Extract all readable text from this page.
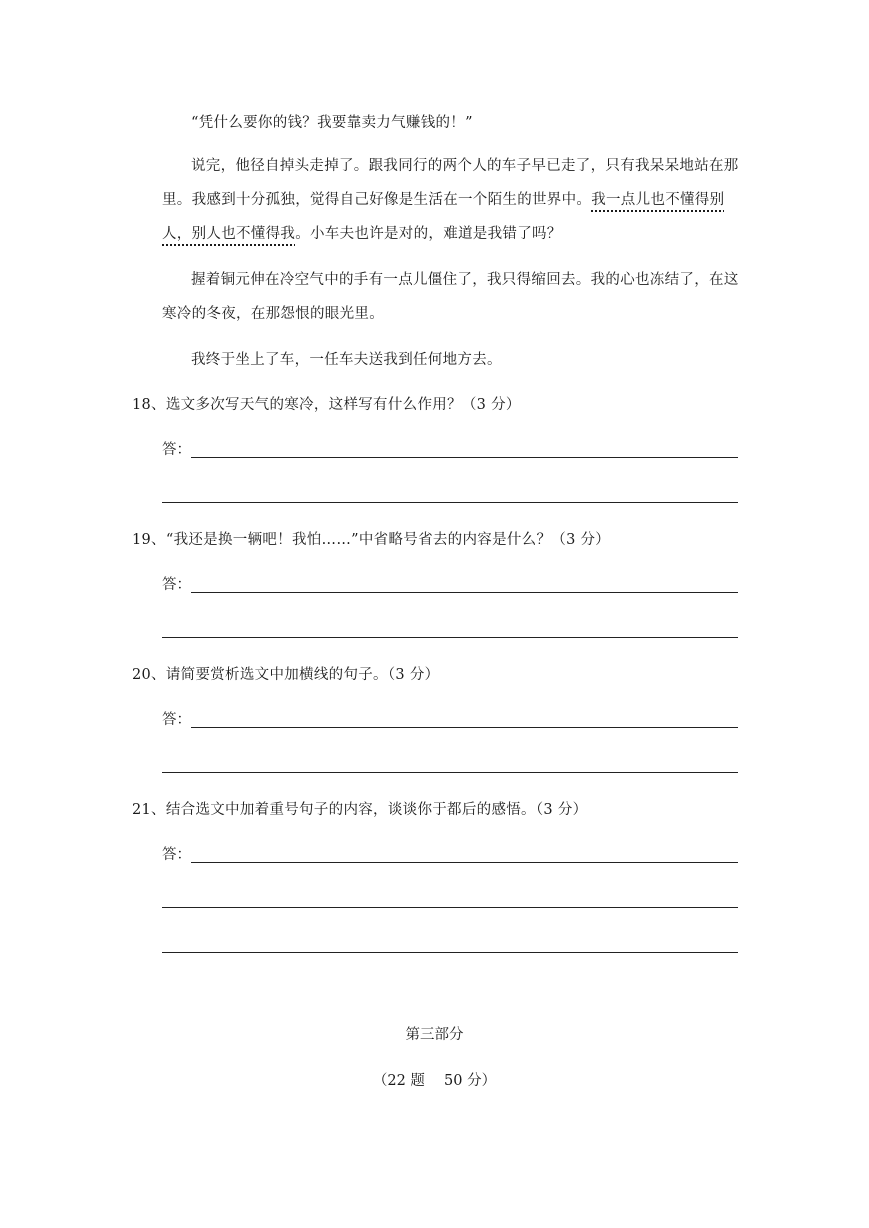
“凭什么要你的钱？我要靠卖力气赚钱的！”

说完，他径自掉头走掉了。跟我同行的两个人的车子早已走了，只有我呆呆地站在那里。我感到十分孤独，觉得自己好像是生活在一个陌生的世界中。我一点儿也不懂得别人，别人也不懂得我。小车夫也许是对的，难道是我错了吗？

握着铜元伸在冷空气中的手有一点儿僵住了，我只得缩回去。我的心也冻结了，在这寒冷的冬夜，在那怨恨的眼光里。

我终于坐上了车，一任车夫送我到任何地方去。

18、选文多次写天气的寒冷，这样写有什么作用？（3 分）

答：

19、“我还是换一辆吧！我怕……”中省略号省去的内容是什么？（3 分）

答：

20、请简要赏析选文中加横线的句子。（3 分）

答：

21、结合选文中加着重号句子的内容，谈谈你于都后的感悟。（3 分）

答：

第三部分

（22 题　 50 分）
